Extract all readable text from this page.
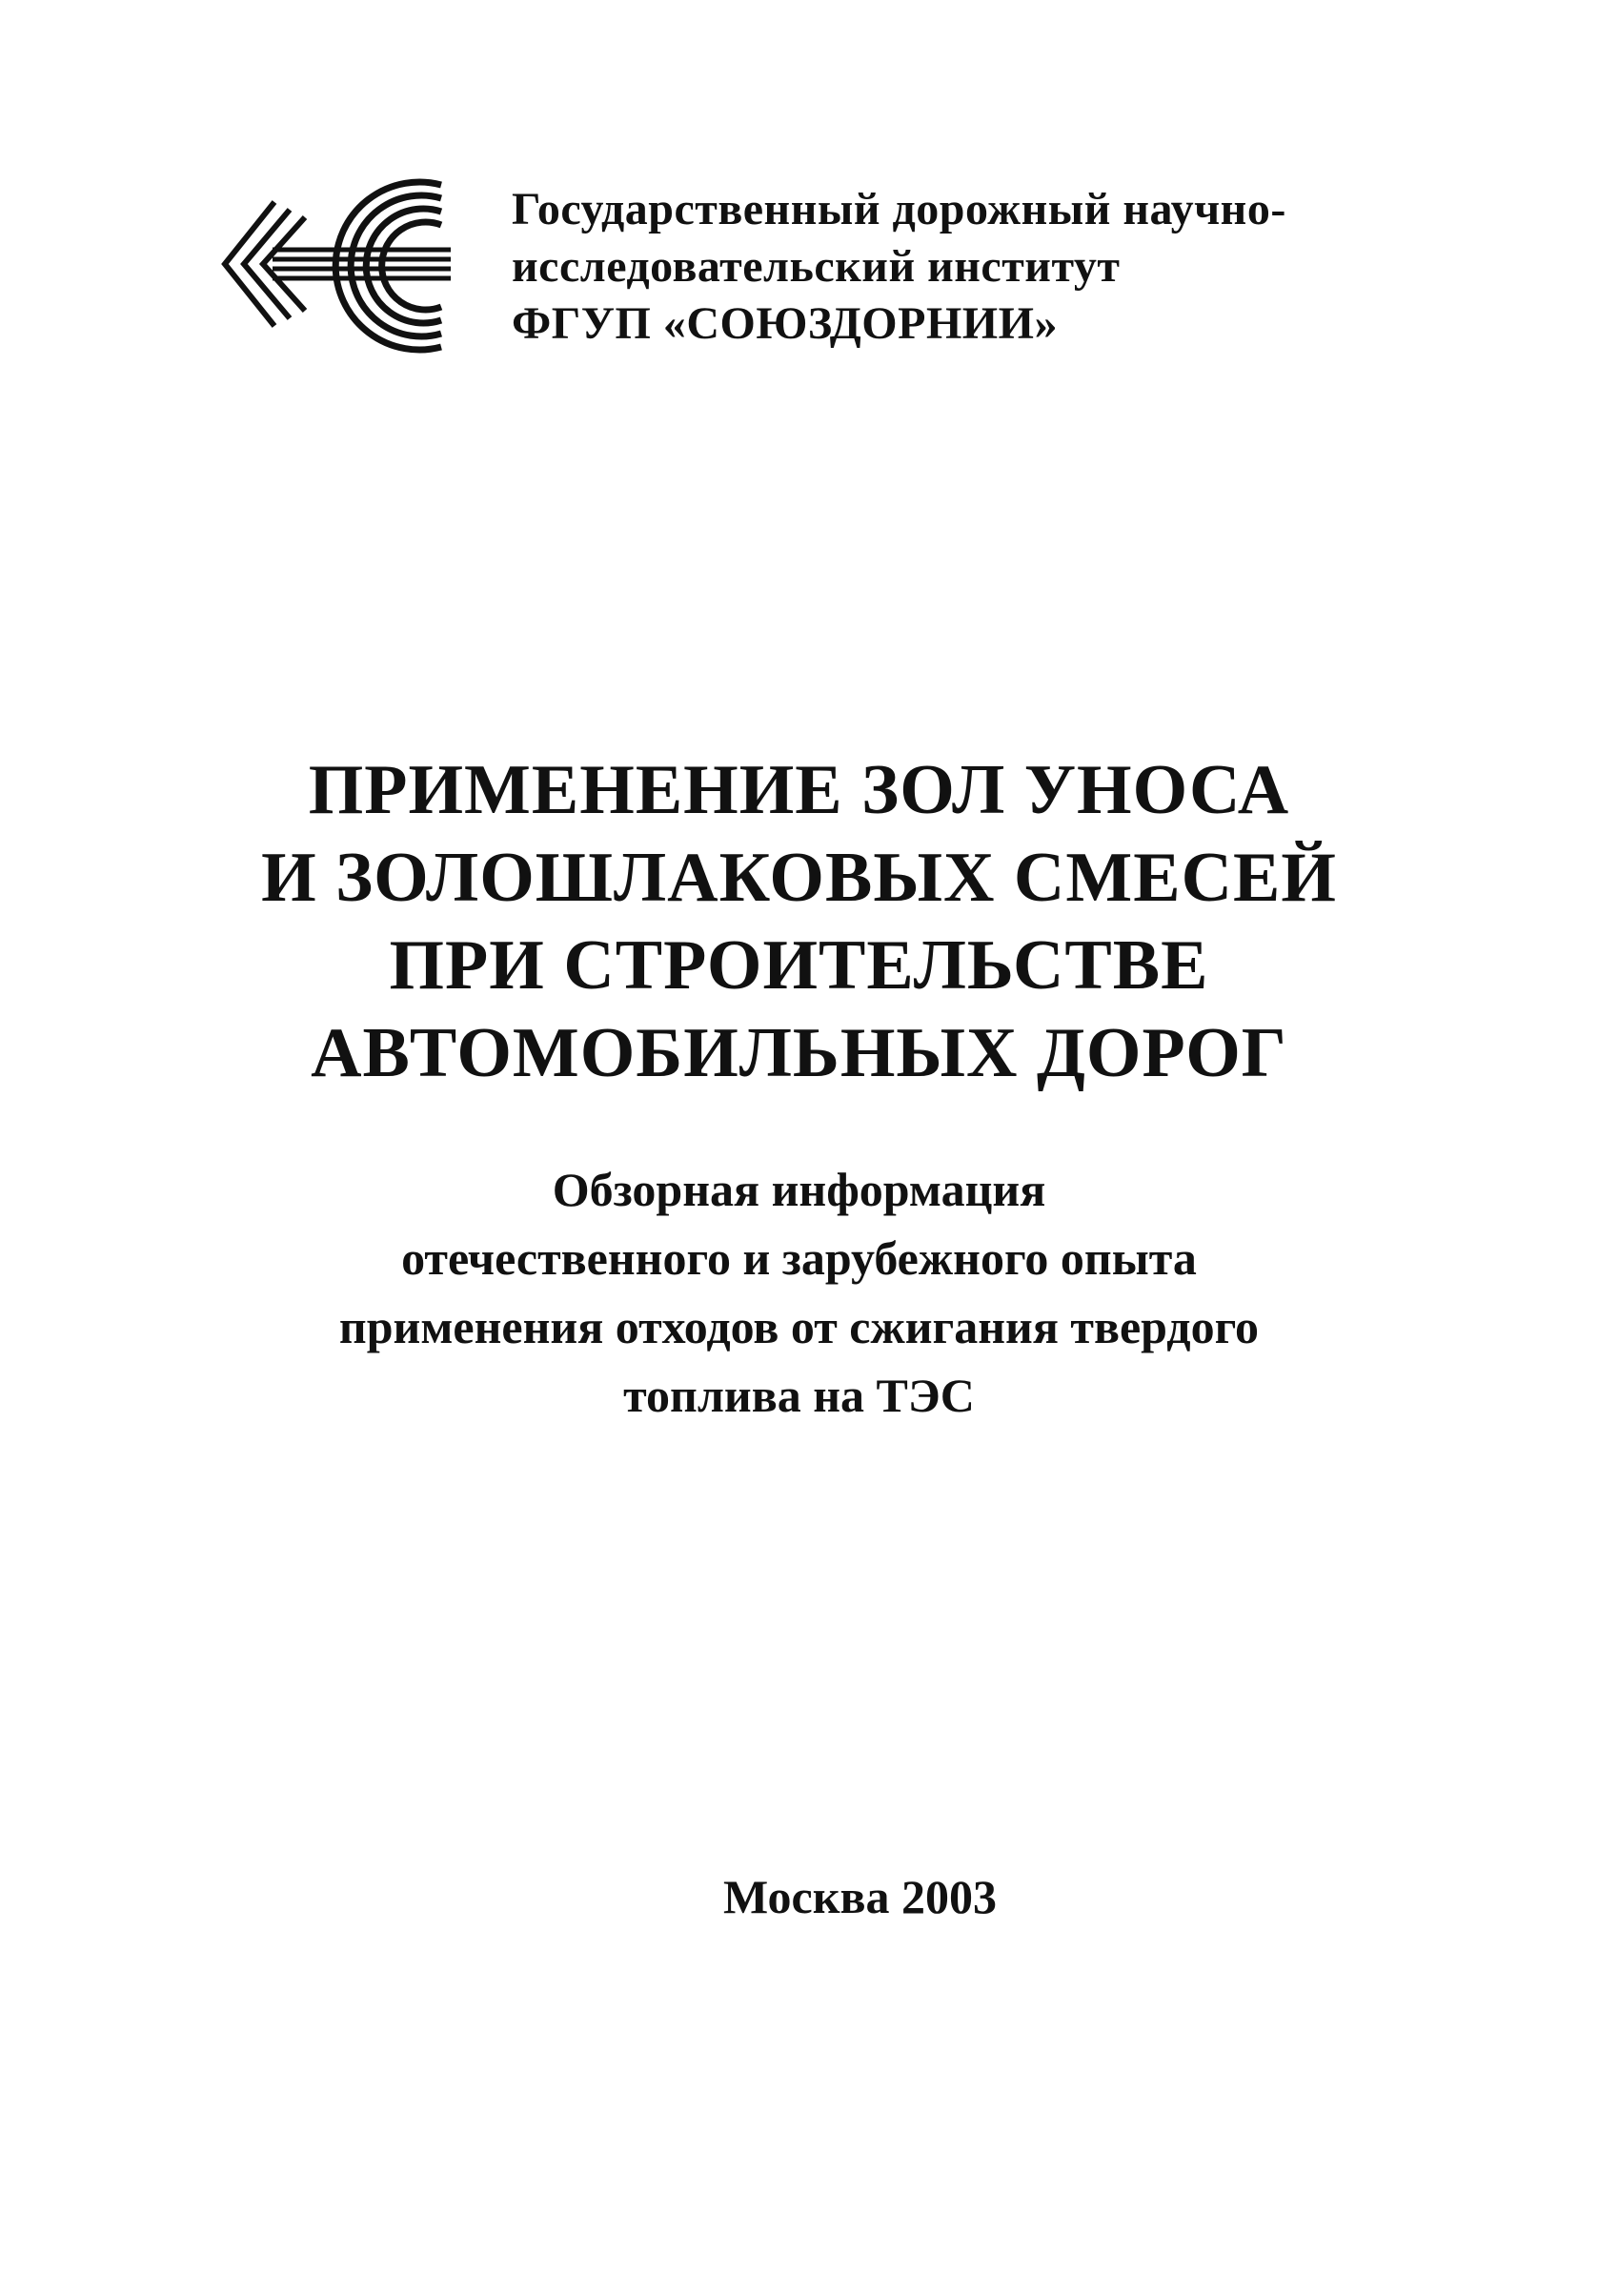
Государственный дорожный научно-
исследовательский институт
ФГУП «СОЮЗДОРНИИ»
ПРИМЕНЕНИЕ ЗОЛ УНОСА
И ЗОЛОШЛАКОВЫХ СМЕСЕЙ
ПРИ СТРОИТЕЛЬСТВЕ
АВТОМОБИЛЬНЫХ ДОРОГ
Обзорная информация
отечественного и зарубежного опыта
применения отходов от сжигания твердого
топлива на ТЭС
Москва 2003
